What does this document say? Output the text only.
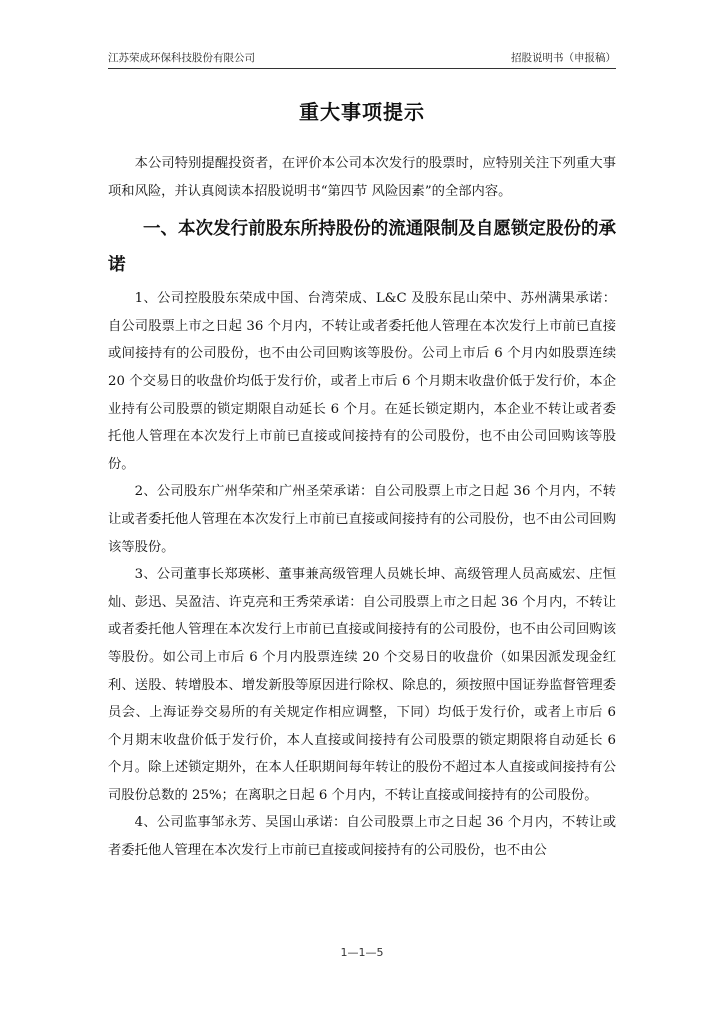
江苏荣成环保科技股份有限公司	招股说明书（申报稿）
重大事项提示

本公司特别提醒投资者，在评价本公司本次发行的股票时，应特别关注下列重大事项和风险，并认真阅读本招股说明书“第四节 风险因素”的全部内容。

一、本次发行前股东所持股份的流通限制及自愿锁定股份的承诺

1、公司控股股东荣成中国、台湾荣成、L&C 及股东昆山荣中、苏州满果承诺：自公司股票上市之日起 36 个月内，不转让或者委托他人管理在本次发行上市前已直接或间接持有的公司股份，也不由公司回购该等股份。公司上市后 6 个月内如股票连续 20 个交易日的收盘价均低于发行价，或者上市后 6 个月期末收盘价低于发行价，本企业持有公司股票的锁定期限自动延长 6 个月。在延长锁定期内，本企业不转让或者委托他人管理在本次发行上市前已直接或间接持有的公司股份，也不由公司回购该等股份。

2、公司股东广州华荣和广州圣荣承诺：自公司股票上市之日起 36 个月内，不转让或者委托他人管理在本次发行上市前已直接或间接持有的公司股份，也不由公司回购该等股份。

3、公司董事长郑瑛彬、董事兼高级管理人员姚长坤、高级管理人员高威宏、庄恒灿、彭迅、吴盈洁、许克亮和王秀荣承诺：自公司股票上市之日起 36 个月内，不转让或者委托他人管理在本次发行上市前已直接或间接持有的公司股份，也不由公司回购该等股份。如公司上市后 6 个月内股票连续 20 个交易日的收盘价（如果因派发现金红利、送股、转增股本、增发新股等原因进行除权、除息的，须按照中国证券监督管理委员会、上海证券交易所的有关规定作相应调整，下同）均低于发行价，或者上市后 6 个月期末收盘价低于发行价，本人直接或间接持有公司股票的锁定期限将自动延长 6 个月。除上述锁定期外，在本人任职期间每年转让的股份不超过本人直接或间接持有公司股份总数的 25%；在离职之日起 6 个月内，不转让直接或间接持有的公司股份。

4、公司监事邹永芳、吴国山承诺：自公司股票上市之日起 36 个月内，不转让或者委托他人管理在本次发行上市前已直接或间接持有的公司股份，也不由公

1—1—5
